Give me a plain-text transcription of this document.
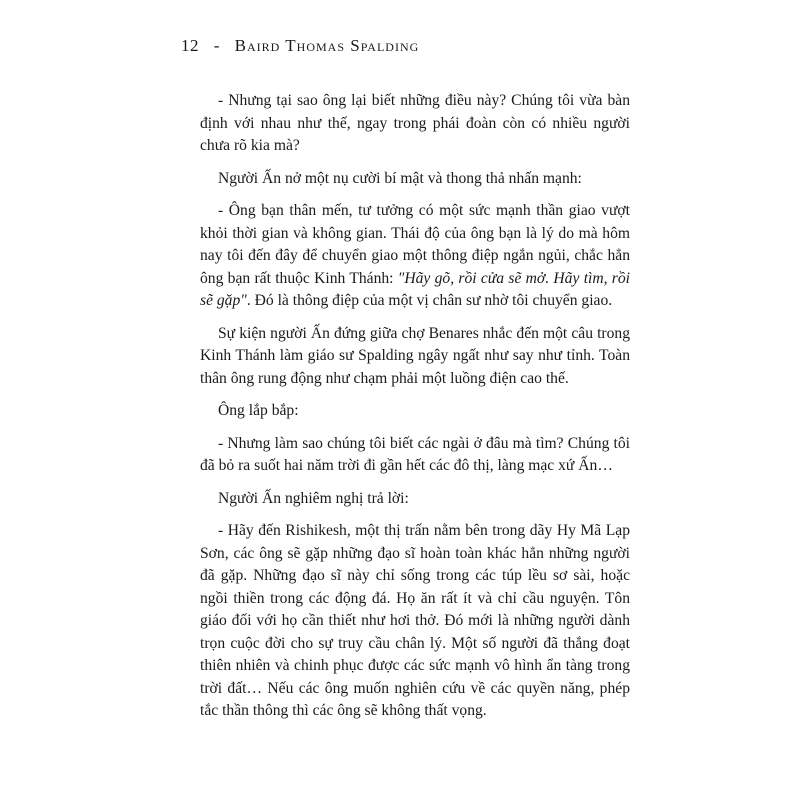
12 - Baird Thomas Spalding

- Nhưng tại sao ông lại biết những điều này? Chúng tôi vừa bàn định với nhau như thế, ngay trong phái đoàn còn có nhiều người chưa rõ kia mà?

Người Ấn nở một nụ cười bí mật và thong thả nhấn mạnh:

- Ông bạn thân mến, tư tưởng có một sức mạnh thần giao vượt khỏi thời gian và không gian. Thái độ của ông bạn là lý do mà hôm nay tôi đến đây để chuyển giao một thông điệp ngắn ngủi, chắc hẳn ông bạn rất thuộc Kinh Thánh: "Hãy gõ, rồi cửa sẽ mở. Hãy tìm, rồi sẽ gặp". Đó là thông điệp của một vị chân sư nhờ tôi chuyển giao.

Sự kiện người Ấn đứng giữa chợ Benares nhắc đến một câu trong Kinh Thánh làm giáo sư Spalding ngây ngất như say như tỉnh. Toàn thân ông rung động như chạm phải một luồng điện cao thế.

Ông lắp bắp:

- Nhưng làm sao chúng tôi biết các ngài ở đâu mà tìm? Chúng tôi đã bỏ ra suốt hai năm trời đi gần hết các đô thị, làng mạc xứ Ấn…

Người Ấn nghiêm nghị trả lời:

- Hãy đến Rishikesh, một thị trấn nằm bên trong dãy Hy Mã Lạp Sơn, các ông sẽ gặp những đạo sĩ hoàn toàn khác hẳn những người đã gặp. Những đạo sĩ này chỉ sống trong các túp lều sơ sài, hoặc ngồi thiền trong các động đá. Họ ăn rất ít và chỉ cầu nguyện. Tôn giáo đối với họ cần thiết như hơi thở. Đó mới là những người dành trọn cuộc đời cho sự truy cầu chân lý. Một số người đã thắng đoạt thiên nhiên và chinh phục được các sức mạnh vô hình ẩn tàng trong trời đất… Nếu các ông muốn nghiên cứu về các quyền năng, phép tắc thần thông thì các ông sẽ không thất vọng.
